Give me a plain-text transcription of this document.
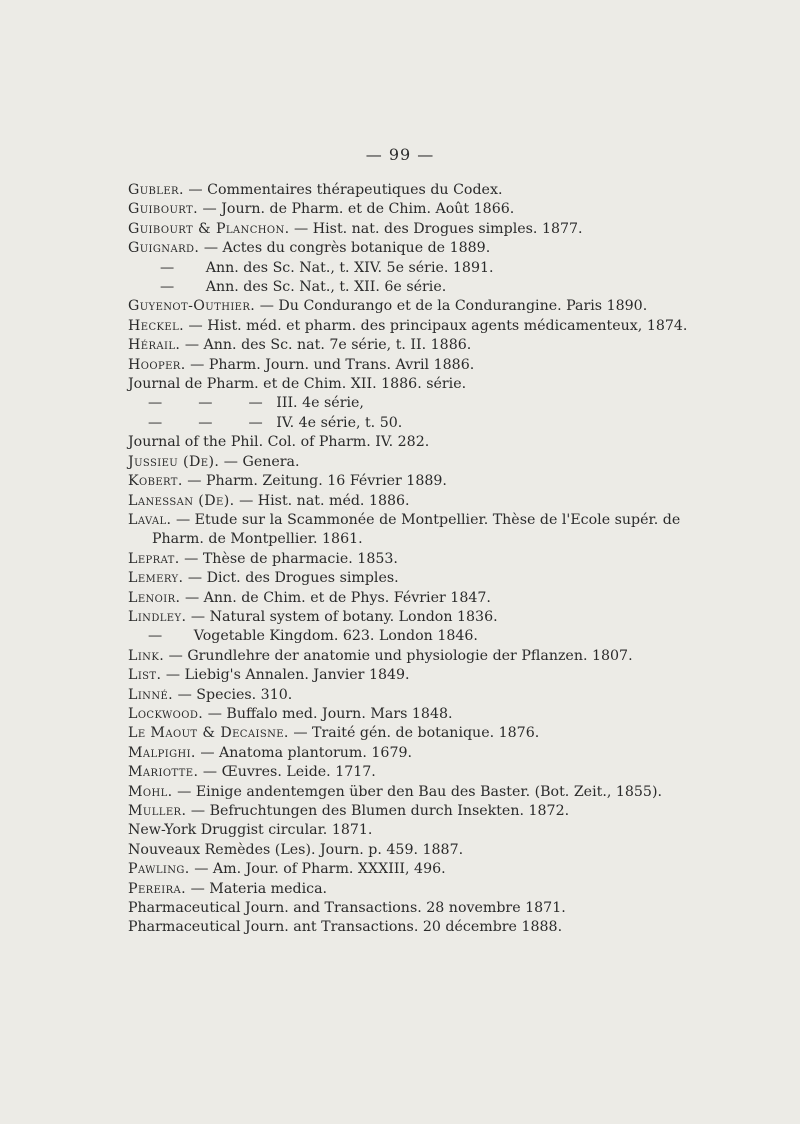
— 99 —
Gubler. — Commentaires thérapeutiques du Codex.
Guibourt. — Journ. de Pharm. et de Chim. Août 1866.
Guibourt & Planchon. — Hist. nat. des Drogues simples. 1877.
Guignard. — Actes du congrès botanique de 1889.
—       Ann. des Sc. Nat., t. XIV. 5e série. 1891.
—       Ann. des Sc. Nat., t. XII. 6e série.
Guyenot-Outhier. — Du Condurango et de la Condurangine. Paris 1890.
Heckel. — Hist. méd. et pharm. des principaux agents médicamenteux, 1874.
Hérail. — Ann. des Sc. nat. 7e série, t. II. 1886.
Hooper. — Pharm. Journ. und Trans. Avril 1886.
Journal de Pharm. et de Chim. XII. 1886. série.
—        —        —   III. 4e série,
—        —        —   IV. 4e série, t. 50.
Journal of the Phil. Col. of Pharm. IV. 282.
Jussieu (De). — Genera.
Kobert. — Pharm. Zeitung. 16 Février 1889.
Lanessan (De). — Hist. nat. méd. 1886.
Laval. — Etude sur la Scammonée de Montpellier. Thèse de l'Ecole supér. de Pharm. de Montpellier. 1861.
Leprat. — Thèse de pharmacie. 1853.
Lemery. — Dict. des Drogues simples.
Lenoir. — Ann. de Chim. et de Phys. Février 1847.
Lindley. — Natural system of botany. London 1836.
—       Vogetable Kingdom. 623. London 1846.
Link. — Grundlehre der anatomie und physiologie der Pflanzen. 1807.
List. — Liebig's Annalen. Janvier 1849.
Linné. — Species. 310.
Lockwood. — Buffalo med. Journ. Mars 1848.
Le Maout & Decaisne. — Traité gén. de botanique. 1876.
Malpighi. — Anatoma plantorum. 1679.
Mariotte. — Œuvres. Leide. 1717.
Mohl. — Einige andentemgen über den Bau des Baster. (Bot. Zeit., 1855).
Muller. — Befruchtungen des Blumen durch Insekten. 1872.
New-York Druggist circular. 1871.
Nouveaux Remèdes (Les). Journ. p. 459. 1887.
Pawling. — Am. Jour. of Pharm. XXXIII, 496.
Pereira. — Materia medica.
Pharmaceutical Journ. and Transactions. 28 novembre 1871.
Pharmaceutical Journ. ant Transactions. 20 décembre 1888.
